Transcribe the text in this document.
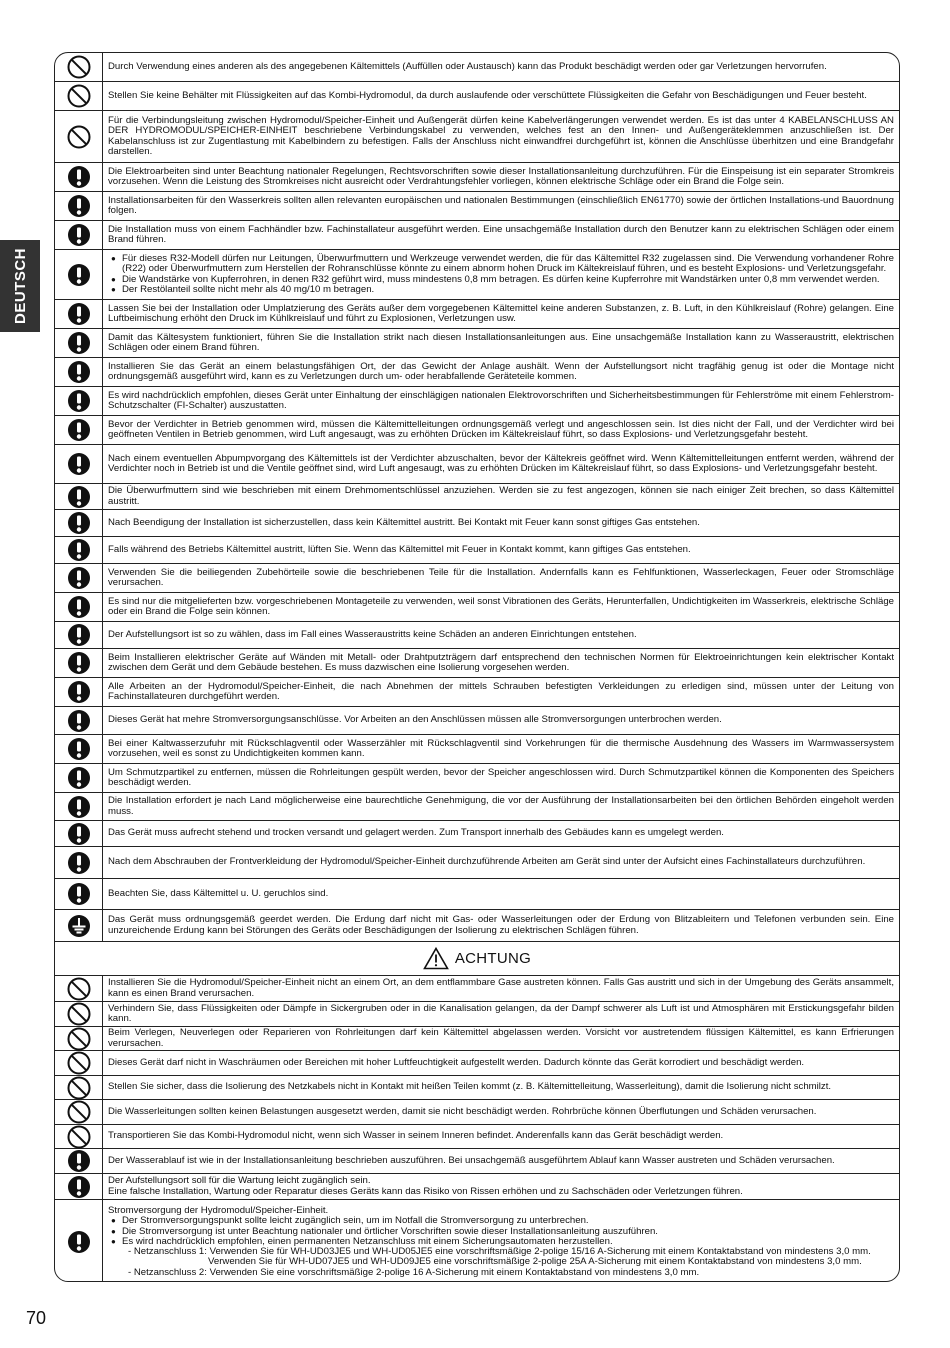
DEUTSCH
Durch Verwendung eines anderen als des angegebenen Kältemittels (Auffüllen oder Austausch) kann das Produkt beschädigt werden oder gar Verletzungen hervorrufen.
Stellen Sie keine Behälter mit Flüssigkeiten auf das Kombi-Hydromodul, da durch auslaufende oder verschüttete Flüssigkeiten die Gefahr von Beschädigungen und Feuer besteht.
Für die Verbindungsleitung zwischen Hydromodul/Speicher-Einheit und Außengerät dürfen keine Kabelverlängerungen verwendet werden. Es ist das unter 4 KABELANSCHLUSS AN DER HYDROMODUL/SPEICHER-EINHEIT beschriebene Verbindungskabel zu verwenden, welches fest an den Innen- und Außengeräteklemmen anzuschließen ist. Der Kabelanschluss ist zur Zugentlastung mit Kabelbindern zu befestigen. Falls der Anschluss nicht einwandfrei durchgeführt ist, können die Anschlüsse überhitzen und eine Brandgefahr darstellen.
Die Elektroarbeiten sind unter Beachtung nationaler Regelungen, Rechtsvorschriften sowie dieser Installationsanleitung durchzuführen. Für die Einspeisung ist ein separater Stromkreis vorzusehen. Wenn die Leistung des Stromkreises nicht ausreicht oder Verdrahtungsfehler vorliegen, können elektrische Schläge oder ein Brand die Folge sein.
Installationsarbeiten für den Wasserkreis sollten allen relevanten europäischen und nationalen Bestimmungen (einschließlich EN61770) sowie der örtlichen Installations-und Bauordnung folgen.
Die Installation muss von einem Fachhändler bzw. Fachinstallateur ausgeführt werden. Eine unsachgemäße Installation durch den Benutzer kann zu elektrischen Schlägen oder einem Brand führen.
● Für dieses R32-Modell dürfen nur Leitungen, Überwurfmuttern und Werkzeuge verwendet werden, die für das Kältemittel R32 zugelassen sind. Die Verwendung vorhandener Rohre (R22) oder Überwurfmuttern zum Herstellen der Rohranschlüsse könnte zu einem abnorm hohen Druck im Kältekreislauf führen, und es besteht Explosions- und Verletzungsgefahr.
● Die Wandstärke von Kupferrohren, in denen R32 geführt wird, muss mindestens 0,8 mm betragen. Es dürfen keine Kupferrohre mit Wandstärken unter 0,8 mm verwendet werden.
● Der Restölanteil sollte nicht mehr als 40 mg/10 m betragen.
Lassen Sie bei der Installation oder Umplatzierung des Geräts außer dem vorgegebenen Kältemittel keine anderen Substanzen, z. B. Luft, in den Kühlkreislauf (Rohre) gelangen. Eine Luftbeimischung erhöht den Druck im Kühlkreislauf und führt zu Explosionen, Verletzungen usw.
Damit das Kältesystem funktioniert, führen Sie die Installation strikt nach diesen Installationsanleitungen aus. Eine unsachgemäße Installation kann zu Wasseraustritt, elektrischen Schlägen oder einem Brand führen.
Installieren Sie das Gerät an einem belastungsfähigen Ort, der das Gewicht der Anlage aushält. Wenn der Aufstellungsort nicht tragfähig genug ist oder die Montage nicht ordnungsgemäß ausgeführt wird, kann es zu Verletzungen durch um- oder herabfallende Geräteteile kommen.
Es wird nachdrücklich empfohlen, dieses Gerät unter Einhaltung der einschlägigen nationalen Elektrovorschriften und Sicherheitsbestimmungen für Fehlerströme mit einem Fehlerstrom-Schutzschalter (FI-Schalter) auszustatten.
Bevor der Verdichter in Betrieb genommen wird, müssen die Kältemittelleitungen ordnungsgemäß verlegt und angeschlossen sein. Ist dies nicht der Fall, und der Verdichter wird bei geöffneten Ventilen in Betrieb genommen, wird Luft angesaugt, was zu erhöhten Drücken im Kältekreislauf führt, so dass Explosions- und Verletzungsgefahr besteht.
Nach einem eventuellen Abpumpvorgang des Kältemittels ist der Verdichter abzuschalten, bevor der Kältekreis geöffnet wird. Wenn Kältemittelleitungen entfernt werden, während der Verdichter noch in Betrieb ist und die Ventile geöffnet sind, wird Luft angesaugt, was zu erhöhten Drücken im Kältekreislauf führt, so dass Explosions- und Verletzungsgefahr besteht.
Die Überwurfmuttern sind wie beschrieben mit einem Drehmomentschlüssel anzuziehen. Werden sie zu fest angezogen, können sie nach einiger Zeit brechen, so dass Kältemittel austritt.
Nach Beendigung der Installation ist sicherzustellen, dass kein Kältemittel austritt. Bei Kontakt mit Feuer kann sonst giftiges Gas entstehen.
Falls während des Betriebs Kältemittel austritt, lüften Sie. Wenn das Kältemittel mit Feuer in Kontakt kommt, kann giftiges Gas entstehen.
Verwenden Sie die beiliegenden Zubehörteile sowie die beschriebenen Teile für die Installation. Andernfalls kann es Fehlfunktionen, Wasserleckagen, Feuer oder Stromschläge verursachen.
Es sind nur die mitgelieferten bzw. vorgeschriebenen Montageteile zu verwenden, weil sonst Vibrationen des Geräts, Herunterfallen, Undichtigkeiten im Wasserkreis, elektrische Schläge oder ein Brand die Folge sein können.
Der Aufstellungsort ist so zu wählen, dass im Fall eines Wasseraustritts keine Schäden an anderen Einrichtungen entstehen.
Beim Installieren elektrischer Geräte auf Wänden mit Metall- oder Drahtputzträgern darf entsprechend den technischen Normen für Elektroeinrichtungen kein elektrischer Kontakt zwischen dem Gerät und dem Gebäude bestehen. Es muss dazwischen eine Isolierung vorgesehen werden.
Alle Arbeiten an der Hydromodul/Speicher-Einheit, die nach Abnehmen der mittels Schrauben befestigten Verkleidungen zu erledigen sind, müssen unter der Leitung von Fachinstallateuren durchgeführt werden.
Dieses Gerät hat mehre Stromversorgungsanschlüsse. Vor Arbeiten an den Anschlüssen müssen alle Stromversorgungen unterbrochen werden.
Bei einer Kaltwasserzufuhr mit Rückschlagventil oder Wasserzähler mit Rückschlagventil sind Vorkehrungen für die thermische Ausdehnung des Wassers im Warmwassersystem vorzusehen, weil es sonst zu Undichtigkeiten kommen kann.
Um Schmutzpartikel zu entfernen, müssen die Rohrleitungen gespült werden, bevor der Speicher angeschlossen wird. Durch Schmutzpartikel können die Komponenten des Speichers beschädigt werden.
Die Installation erfordert je nach Land möglicherweise eine baurechtliche Genehmigung, die vor der Ausführung der Installationsarbeiten bei den örtlichen Behörden eingeholt werden muss.
Das Gerät muss aufrecht stehend und trocken versandt und gelagert werden. Zum Transport innerhalb des Gebäudes kann es umgelegt werden.
Nach dem Abschrauben der Frontverkleidung der Hydromodul/Speicher-Einheit durchzuführende Arbeiten am Gerät sind unter der Aufsicht eines Fachinstallateurs durchzuführen.
Beachten Sie, dass Kältemittel u. U. geruchlos sind.
Das Gerät muss ordnungsgemäß geerdet werden. Die Erdung darf nicht mit Gas- oder Wasserleitungen oder der Erdung von Blitzableitern und Telefonen verbunden sein. Eine unzureichende Erdung kann bei Störungen des Geräts oder Beschädigungen der Isolierung zu elektrischen Schlägen führen.
ACHTUNG
Installieren Sie die Hydromodul/Speicher-Einheit nicht an einem Ort, an dem entflammbare Gase austreten können. Falls Gas austritt und sich in der Umgebung des Geräts ansammelt, kann es einen Brand verursachen.
Verhindern Sie, dass Flüssigkeiten oder Dämpfe in Sickergruben oder in die Kanalisation gelangen, da der Dampf schwerer als Luft ist und Atmosphären mit Erstickungsgefahr bilden kann.
Beim Verlegen, Neuverlegen oder Reparieren von Rohrleitungen darf kein Kältemittel abgelassen werden. Vorsicht vor austretendem flüssigen Kältemittel, es kann Erfrierungen verursachen.
Dieses Gerät darf nicht in Waschräumen oder Bereichen mit hoher Luftfeuchtigkeit aufgestellt werden. Dadurch könnte das Gerät korrodiert und beschädigt werden.
Stellen Sie sicher, dass die Isolierung des Netzkabels nicht in Kontakt mit heißen Teilen kommt (z. B. Kältemittelleitung, Wasserleitung), damit die Isolierung nicht schmilzt.
Die Wasserleitungen sollten keinen Belastungen ausgesetzt werden, damit sie nicht beschädigt werden. Rohrbrüche können Überflutungen und Schäden verursachen.
Transportieren Sie das Kombi-Hydromodul nicht, wenn sich Wasser in seinem Inneren befindet. Anderenfalls kann das Gerät beschädigt werden.
Der Wasserablauf ist wie in der Installationsanleitung beschrieben auszuführen. Bei unsachgemäß ausgeführtem Ablauf kann Wasser austreten und Schäden verursachen.
Der Aufstellungsort soll für die Wartung leicht zugänglich sein.
Eine falsche Installation, Wartung oder Reparatur dieses Geräts kann das Risiko von Rissen erhöhen und zu Sachschäden oder Verletzungen führen.
Stromversorgung der Hydromodul/Speicher-Einheit.
● Der Stromversorgungspunkt sollte leicht zugänglich sein, um im Notfall die Stromversorgung zu unterbrechen.
● Die Stromversorgung ist unter Beachtung nationaler und örtlicher Vorschriften sowie dieser Installationsanleitung auszuführen.
● Es wird nachdrücklich empfohlen, einen permanenten Netzanschluss mit einem Sicherungsautomaten herzustellen.
- Netzanschluss 1: Verwenden Sie für WH-UD03JE5 und WH-UD05JE5 eine vorschriftsmäßige 2-polige 15/16 A-Sicherung mit einem Kontaktabstand von mindestens 3,0 mm.
Verwenden Sie für WH-UD07JE5 und WH-UD09JE5 eine vorschriftsmäßige 2-polige 25A A-Sicherung mit einem Kontaktabstand von mindestens 3,0 mm.
- Netzanschluss 2: Verwenden Sie eine vorschriftsmäßige 2-polige 16 A-Sicherung mit einem Kontaktabstand von mindestens 3,0 mm.
70
